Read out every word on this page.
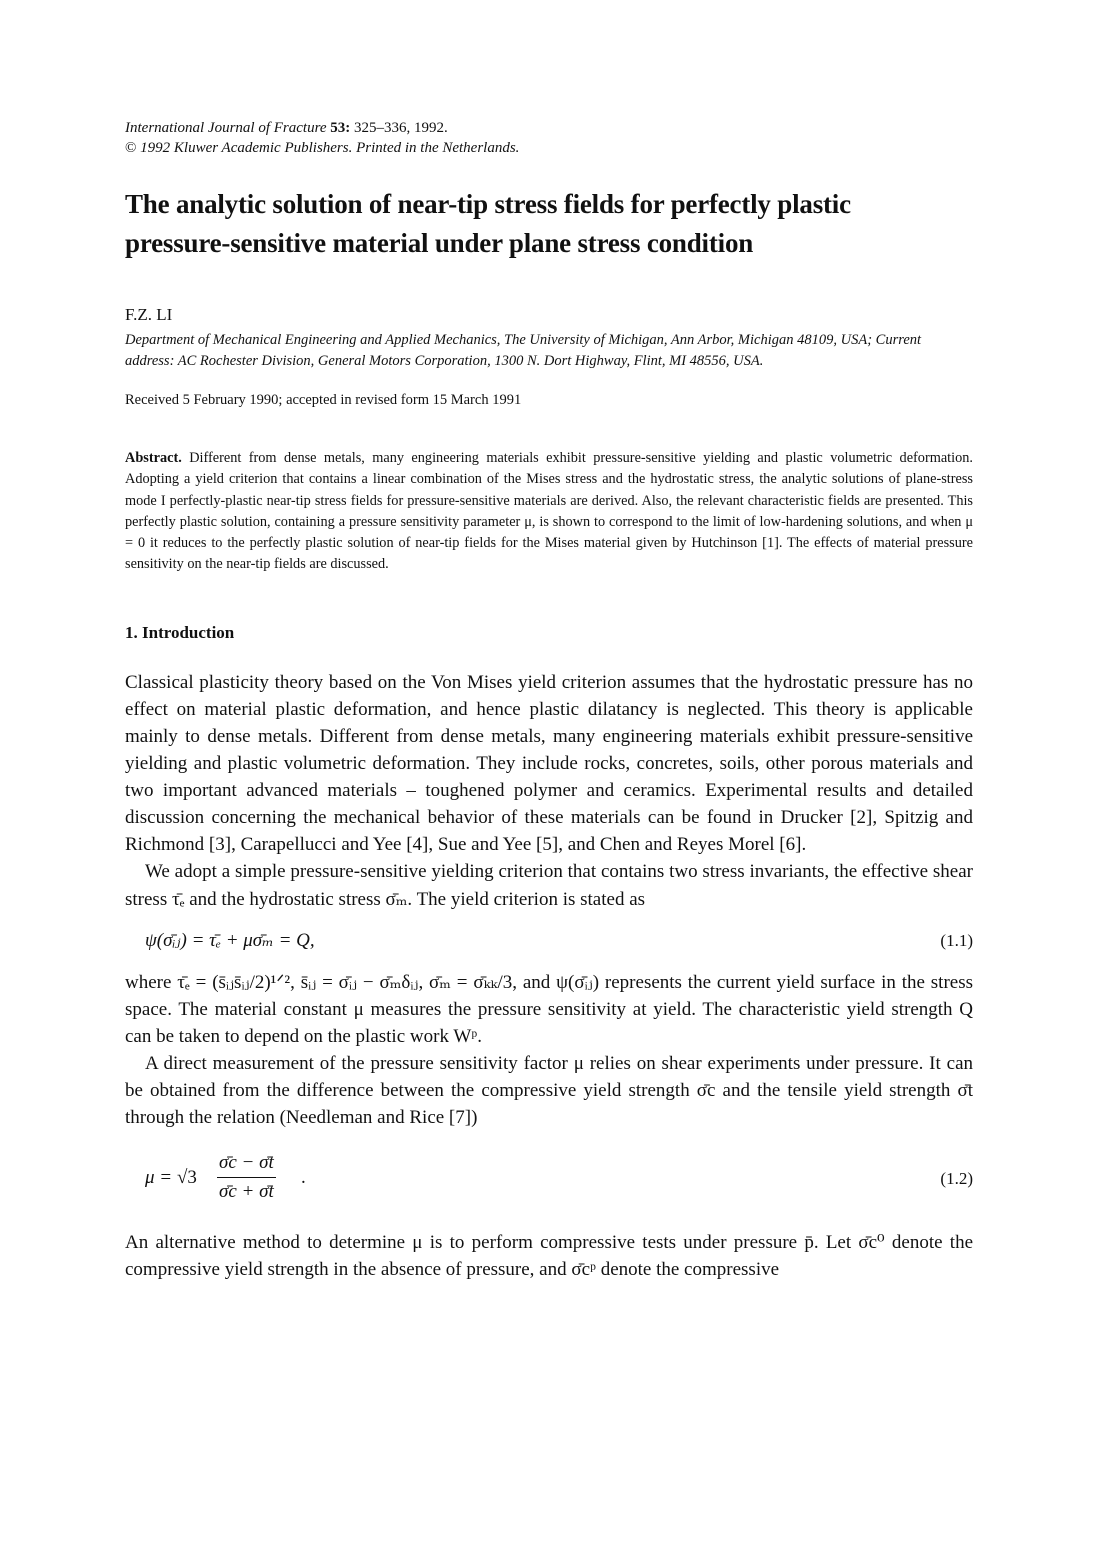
International Journal of Fracture 53: 325–336, 1992.
© 1992 Kluwer Academic Publishers. Printed in the Netherlands.
The analytic solution of near-tip stress fields for perfectly plastic
pressure-sensitive material under plane stress condition
F.Z. LI
Department of Mechanical Engineering and Applied Mechanics, The University of Michigan, Ann Arbor, Michigan 48109, USA; Current address: AC Rochester Division, General Motors Corporation, 1300 N. Dort Highway, Flint, MI 48556, USA.
Received 5 February 1990; accepted in revised form 15 March 1991
Abstract. Different from dense metals, many engineering materials exhibit pressure-sensitive yielding and plastic volumetric deformation. Adopting a yield criterion that contains a linear combination of the Mises stress and the hydrostatic stress, the analytic solutions of plane-stress mode I perfectly-plastic near-tip stress fields for pressure-sensitive materials are derived. Also, the relevant characteristic fields are presented. This perfectly plastic solution, containing a pressure sensitivity parameter μ, is shown to correspond to the limit of low-hardening solutions, and when μ = 0 it reduces to the perfectly plastic solution of near-tip fields for the Mises material given by Hutchinson [1]. The effects of material pressure sensitivity on the near-tip fields are discussed.
1. Introduction
Classical plasticity theory based on the Von Mises yield criterion assumes that the hydrostatic pressure has no effect on material plastic deformation, and hence plastic dilatancy is neglected. This theory is applicable mainly to dense metals. Different from dense metals, many engineering materials exhibit pressure-sensitive yielding and plastic volumetric deformation. They include rocks, concretes, soils, other porous materials and two important advanced materials – toughened polymer and ceramics. Experimental results and detailed discussion concerning the mechanical behavior of these materials can be found in Drucker [2], Spitzig and Richmond [3], Carapellucci and Yee [4], Sue and Yee [5], and Chen and Reyes Morel [6].
We adopt a simple pressure-sensitive yielding criterion that contains two stress invariants, the effective shear stress τ̄ₑ and the hydrostatic stress σ̄ₘ. The yield criterion is stated as
ψ(σ̄ᵢⱼ) = τ̄ₑ + μσ̄ₘ = Q,	(1.1)
where τ̄ₑ = (s̄ᵢⱼs̄ᵢⱼ/2)¹ᐟ², s̄ᵢⱼ = σ̄ᵢⱼ − σ̄ₘδᵢⱼ, σ̄ₘ = σ̄ₖₖ/3, and ψ(σ̄ᵢⱼ) represents the current yield surface in the stress space. The material constant μ measures the pressure sensitivity at yield. The characteristic yield strength Q can be taken to depend on the plastic work Wᵖ.
A direct measurement of the pressure sensitivity factor μ relies on shear experiments under pressure. It can be obtained from the difference between the compressive yield strength σ̄c and the tensile yield strength σ̄t through the relation (Needleman and Rice [7])
$\mu = √3 \frac{\sigmāc - \sigmāt}{\sigmāc + \sigmāt}$ .	(1.2)
An alternative method to determine μ is to perform compressive tests under pressure p̄. Let σ̄c⁰ denote the compressive yield strength in the absence of pressure, and σ̄cᵖ denote the compressive
